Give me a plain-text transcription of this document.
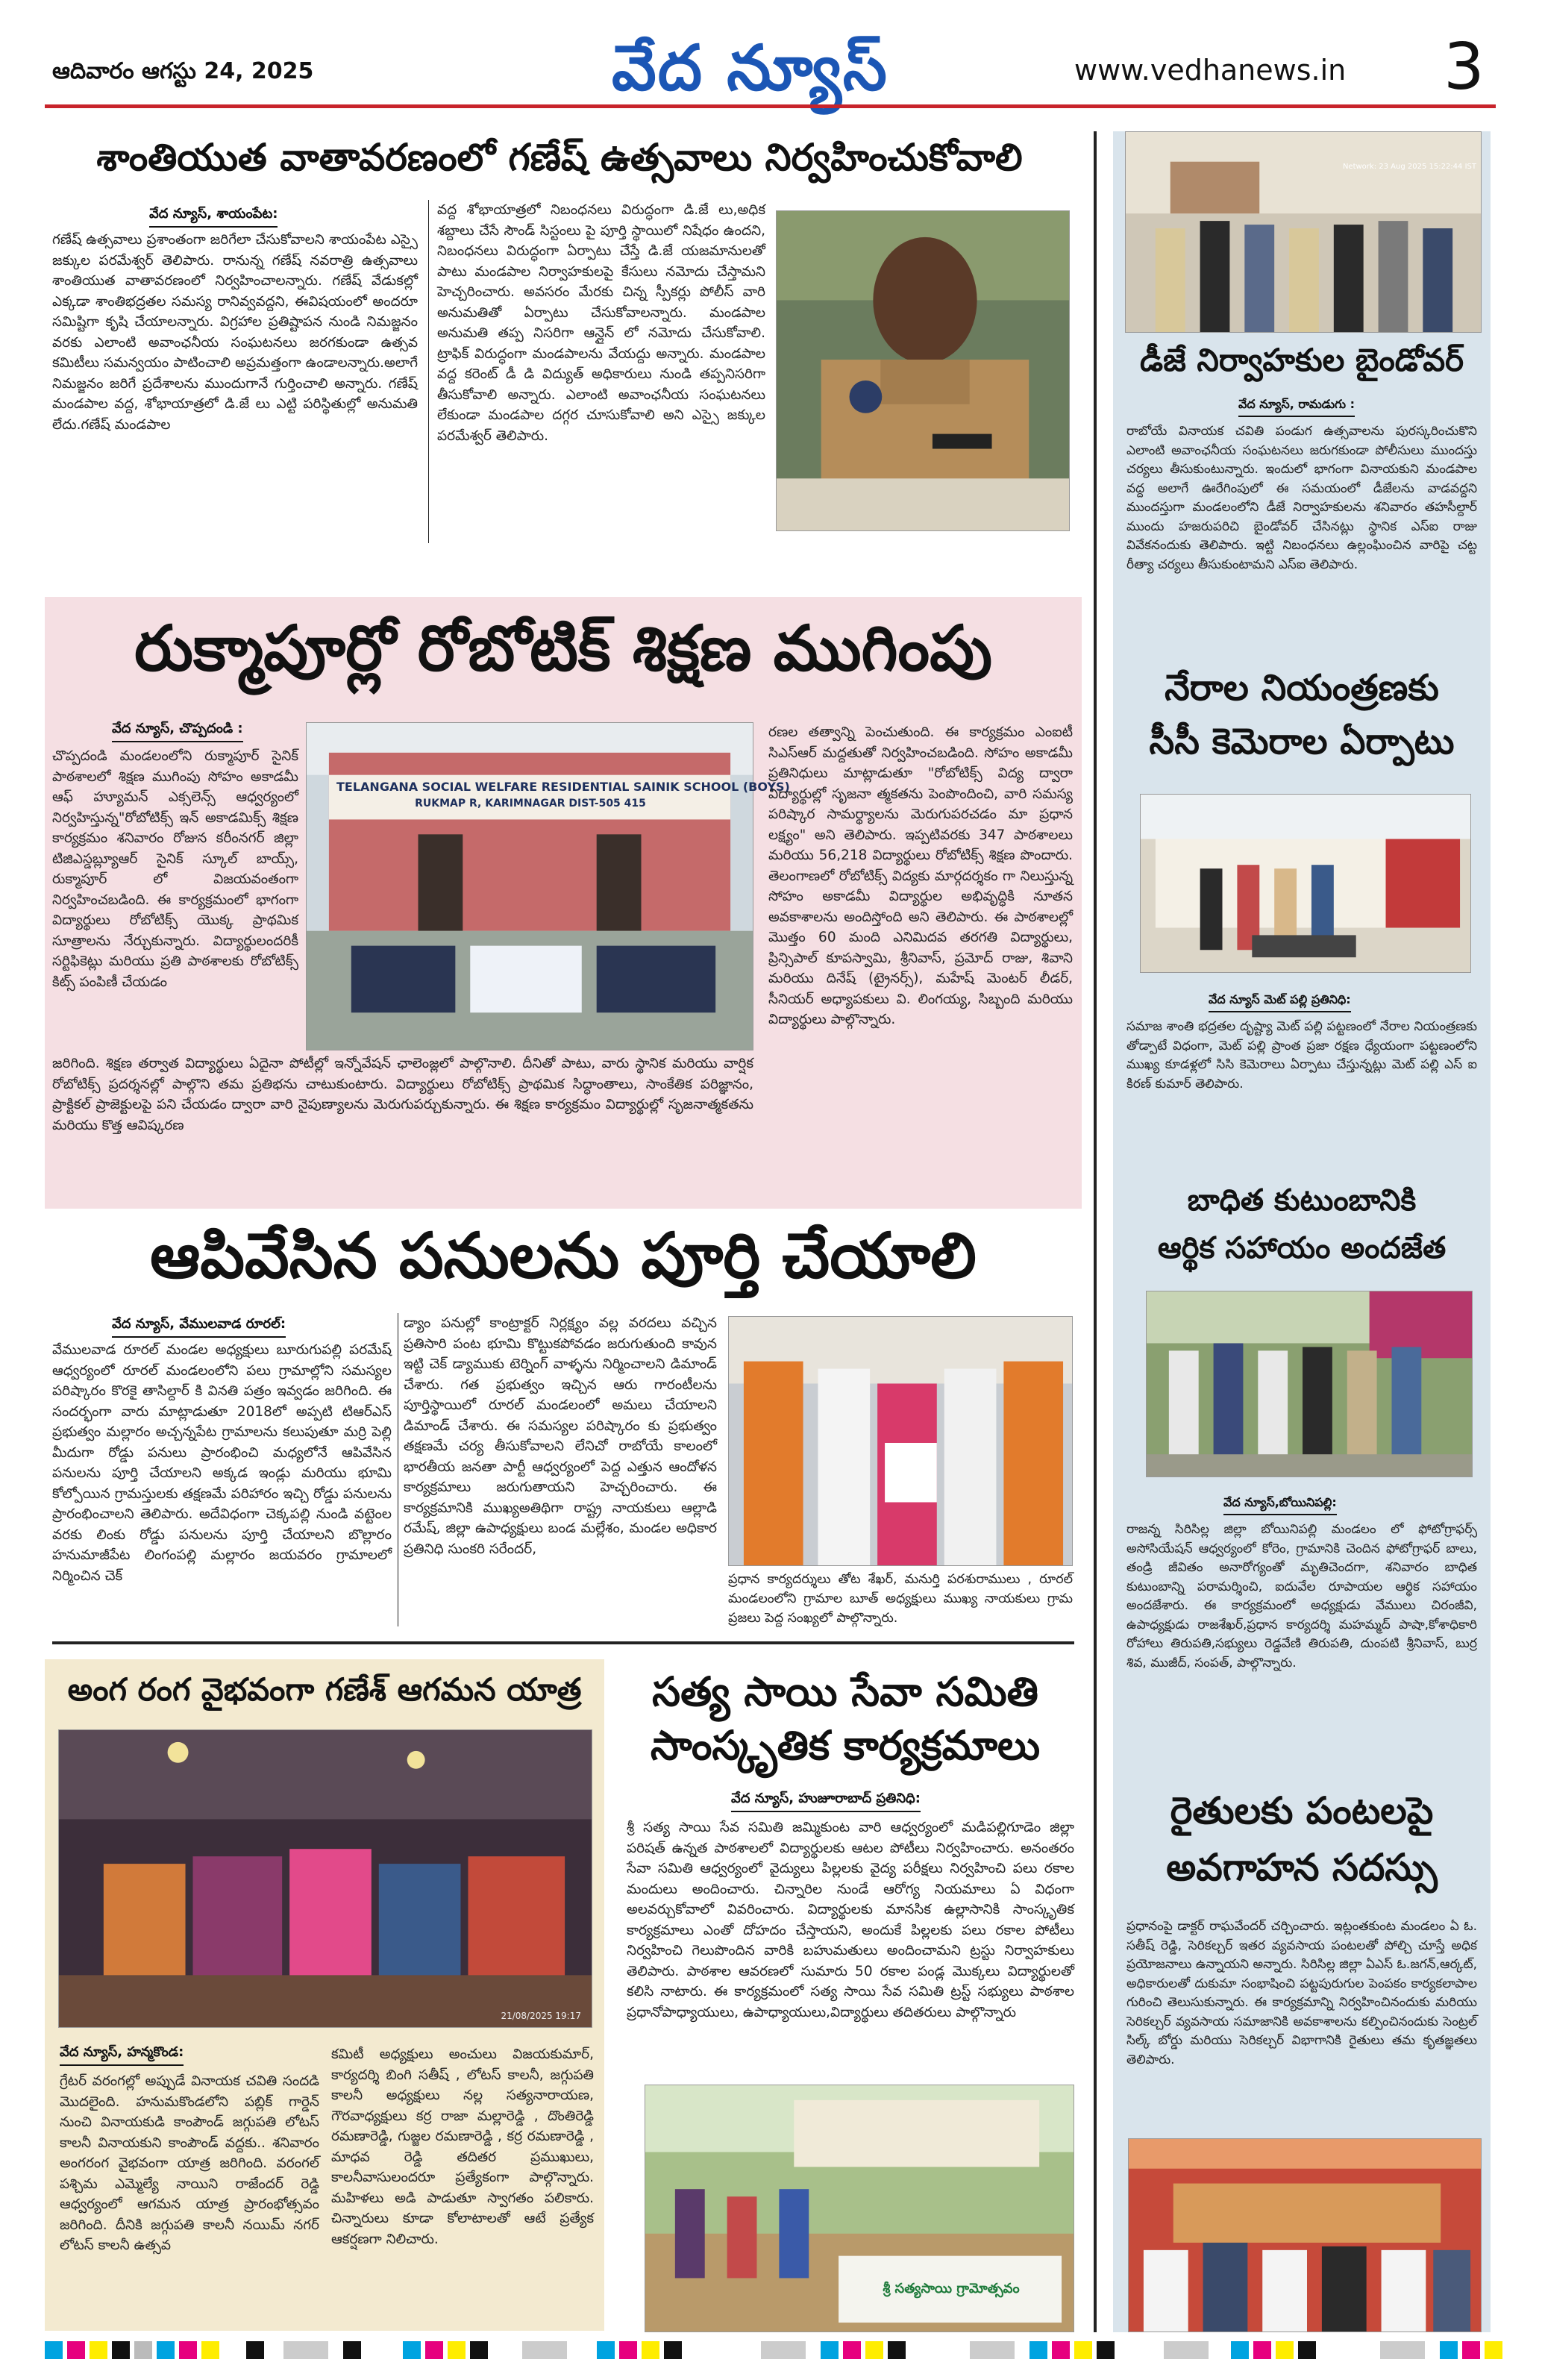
ఆదివారం ఆగస్టు 24, 2025	వేద న్యూస్	www.vedhanews.in 3
శాంతియుత వాతావరణంలో గణేష్ ఉత్సవాలు నిర్వహించుకోవాలి
వేద న్యూస్, శాయంపేట:
గణేష్ ఉత్సవాలు ప్రశాంతంగా జరిగేలా చేసుకోవాలని శాయంపేట ఎస్సై జక్కుల పరమేశ్వర్ తెలిపారు. రానున్న గణేష్ నవరాత్రి ఉత్సవాలు శాంతియుత వాతావరణంలో నిర్వహించాలన్నారు. గణేష్ వేడుకల్లో ఎక్కడా శాంతిభద్రతల సమస్య రానివ్వవద్దని, ఈవిషయంలో అందరూ సమిష్టిగా కృషి చేయాలన్నారు. విగ్రహాల ప్రతిష్టాపన నుండి నిమజ్జనం వరకు ఎలాంటి అవాంఛనీయ సంఘటనలు జరగకుండా ఉత్సవ కమిటీలు సమన్వయం పాటించాలి అప్రమత్తంగా ఉండాలన్నారు.అలాగే నిమజ్జనం జరిగే ప్రదేశాలను ముందుగానే గుర్తించాలి అన్నారు. గణేష్ మండపాల వద్ద, శోభాయాత్రలో డి.జే లు ఎట్టి పరిస్థితుల్లో అనుమతి లేదు.గణేష్ మండపాల
వద్ద శోభాయాత్రలో నిబంధనలు విరుద్ధంగా డి.జే లు,అధిక శబ్దాలు చేసే సౌండ్ సిస్టంలు పై పూర్తి స్థాయిలో నిషేధం ఉందని, నిబంధనలు విరుద్ధంగా ఏర్పాటు చేస్తే డి.జే యజమానులతో పాటు మండపాల నిర్వాహకులపై కేసులు నమోదు చేస్తామని హెచ్చరించారు. అవసరం మేరకు చిన్న స్పీకర్లు పోలీస్ వారి అనుమతితో ఏర్పాటు చేసుకోవాలన్నారు. మండపాల అనుమతి తప్ప నిసరిగా ఆన్లైన్ లో నమోదు చేసుకోవాలి. ట్రాఫిక్ విరుద్ధంగా మండపాలను వేయద్దు అన్నారు. మండపాల వద్ద కరెంట్ డీ డి విద్యుత్ అధికారులు నుండి తప్పనిసరిగా తీసుకోవాలి అన్నారు. ఎలాంటి అవాంఛనీయ సంఘటనలు లేకుండా మండపాల దగ్గర చూసుకోవాలి అని ఎస్సై జక్కుల పరమేశ్వర్ తెలిపారు.
రుక్మాపూర్లో రోబోటిక్ శిక్షణ ముగింపు
వేద న్యూస్, చొప్పదండి :
చొప్పదండి మండలంలోని రుక్మాపూర్ సైనిక్ పాఠశాలలో శిక్షణ ముగింపు సోహం అకాడమీ ఆఫ్ హ్యూమన్ ఎక్సలెన్స్ ఆధ్వర్యంలో నిర్వహిస్తున్న"రోబోటిక్స్ ఇన్ అకాడమిక్స్ శిక్షణ కార్యక్రమం శనివారం రోజున కరీంనగర్ జిల్లా టిజిఎస్డబ్ల్యూఆర్ సైనిక్ స్కూల్ బాయ్స్, రుక్మాపూర్ లో విజయవంతంగా నిర్వహించబడింది. ఈ కార్యక్రమంలో భాగంగా విద్యార్థులు రోబోటిక్స్ యొక్క ప్రాథమిక సూత్రాలను నేర్చుకున్నారు. విద్యార్థులందరికీ సర్టిఫికెట్లు మరియు ప్రతి పాఠశాలకు రోబోటిక్స్ కిట్స్ పంపిణీ చేయడం
TELANGANA SOCIAL WELFARE RESIDENTIAL SAINIK SCHOOL (BOYS)
RUKMAP R, KARIMNAGAR DIST-505 415
జరిగింది. శిక్షణ తర్వాత విద్యార్థులు ఏదైనా పోటీల్లో ఇన్నోవేషన్ ఛాలెంజ్లలో పాల్గొనాలి. దీనితో పాటు, వారు స్థానిక మరియు వార్షిక రోబోటిక్స్ ప్రదర్శనల్లో పాల్గొని తమ ప్రతిభను చాటుకుంటారు. విద్యార్థులు రోబోటిక్స్ ప్రాథమిక సిద్ధాంతాలు, సాంకేతిక పరిజ్ఞానం, ప్రాక్టికల్ ప్రాజెక్టులపై పని చేయడం ద్వారా వారి నైపుణ్యాలను మెరుగుపర్చుకున్నారు. ఈ శిక్షణ కార్యక్రమం విద్యార్థుల్లో సృజనాత్మకతను మరియు కొత్త ఆవిష్కరణ
రణల తత్వాన్ని పెంచుతుంది. ఈ కార్యక్రమం ఎంఐటీ సిఎస్ఆర్ మద్దతుతో నిర్వహించబడింది. సోహం అకాడమీ ప్రతినిధులు మాట్లాడుతూ "రోబోటిక్స్ విద్య ద్వారా విద్యార్థుల్లో సృజనా త్మకతను పెంపొందించి, వారి సమస్య పరిష్కార సామర్థ్యాలను మెరుగుపరచడం మా ప్రధాన లక్ష్యం" అని తెలిపారు. ఇప్పటివరకు 347 పాఠశాలలు మరియు 56,218 విద్యార్థులు రోబోటిక్స్ శిక్షణ పొందారు. తెలంగాణలో రోబోటిక్స్ విద్యకు మార్గదర్శకం గా నిలుస్తున్న సోహం అకాడమీ విద్యార్థుల అభివృద్ధికి నూతన అవకాశాలను అందిస్తోంది అని తెలిపారు. ఈ పాఠశాలల్లో మొత్తం 60 మంది ఎనిమిదవ తరగతి విద్యార్థులు, ప్రిన్సిపాల్ కూపస్వామి, శ్రీనివాస్, ప్రమోద్ రాజు, శివాని మరియు దినేష్ (ట్రైనర్స్), మహేష్ మెంటర్ లీడర్, సీనియర్ అధ్యాపకులు వి. లింగయ్య, సిబ్బంది మరియు విద్యార్థులు పాల్గొన్నారు.
ఆపివేసిన పనులను పూర్తి చేయాలి
వేద న్యూస్, వేములవాడ రూరల్:
వేములవాడ రూరల్ మండల అధ్యక్షులు బూరుగుపల్లి పరమేష్ ఆధ్వర్యంలో రూరల్ మండలంలోని పలు గ్రామాల్లోని సమస్యల పరిష్కారం కొరకై తాసిల్దార్ కి వినతి పత్రం ఇవ్వడం జరిగింది. ఈ సందర్భంగా వారు మాట్లాడుతూ 2018లో అప్పటి టిఆర్ఎస్ ప్రభుత్వం మల్లారం అచ్చన్నపేట గ్రామాలను కలుపుతూ మర్రి పెల్లి మీదుగా రోడ్డు పనులు ప్రారంభించి మధ్యలోనే ఆపివేసిన పనులను పూర్తి చేయాలని అక్కడ ఇండ్లు మరియు భూమి కోల్పోయిన గ్రామస్తులకు తక్షణమే పరిహారం ఇచ్చి రోడ్డు పనులను ప్రారంభించాలని తెలిపారు. అదేవిధంగా చెక్కపల్లి నుండి వట్టెంల వరకు లింకు రోడ్డు పనులను పూర్తి చేయాలని బొల్లారం హనుమాజీపేట లింగంపల్లి మల్లారం జయవరం గ్రామాలలో నిర్మించిన చెక్
డ్యాం పనుల్లో కాంట్రాక్టర్ నిర్లక్ష్యం వల్ల వరదలు వచ్చిన ప్రతిసారి పంట భూమి కొట్టుకపోవడం జరుగుతుంది కావున ఇట్టి చెక్ డ్యాముకు టెర్నింగ్ వాళ్ళను నిర్మించాలని డిమాండ్ చేశారు. గత ప్రభుత్వం ఇచ్చిన ఆరు గారంటీలను పూర్తిస్థాయిలో రూరల్ మండలంలో అమలు చేయాలని డిమాండ్ చేశారు. ఈ సమస్యల పరిష్కారం కు ప్రభుత్వం తక్షణమే చర్య తీసుకోవాలని లేనిచో రాబోయే కాలంలో భారతీయ జనతా పార్టీ ఆధ్వర్యంలో పెద్ద ఎత్తున ఆందోళన కార్యక్రమాలు జరుగుతాయని హెచ్చరించారు. ఈ కార్యక్రమానికి ముఖ్యఅతిథిగా రాష్ట్ర నాయకులు ఆల్లాడి రమేష్, జిల్లా ఉపాధ్యక్షులు బండ మల్లేశం, మండల అధికార ప్రతినిధి సుంకరి సరేందర్,
ప్రధాన కార్యదర్శులు తోట శేఖర్, మనుర్తి పరశురాములు , రూరల్ మండలంలోని గ్రామాల బూత్ అధ్యక్షులు ముఖ్య నాయకులు గ్రామ ప్రజలు పెద్ద సంఖ్యలో పాల్గొన్నారు.
అంగ రంగ వైభవంగా గణేశ్ ఆగమన యాత్ర
21/08/2025 19:17
వేద న్యూస్, హన్మకొండ:
గ్రేటర్ వరంగల్లో అప్పుడే వినాయక చవితి సందడి మొదలైంది. హనుమకొండలోని పబ్లిక్ గార్డెన్ నుంచి వినాయకుడి కాంపౌండ్ జగ్గుపతి లోటస్ కాలనీ వినాయకుని కాంపౌండ్ వద్దకు.. శనివారం అంగరంగ వైభవంగా యాత్ర జరిగింది. వరంగల్ పశ్చిమ ఎమ్మెల్యే నాయిని రాజేందర్ రెడ్డి ఆధ్వర్యంలో ఆగమన యాత్ర ప్రారంభోత్సవం జరిగింది. దీనికి జగ్గుపతి కాలనీ నయిమ్ నగర్ లోటస్ కాలనీ ఉత్సవ
కమిటీ అధ్యక్షులు అంచులు విజయకుమార్, కార్యదర్శి బింగి సతీష్ , లోటస్ కాలనీ, జగ్గుపతి కాలనీ అధ్యక్షులు నల్ల సత్యనారాయణ, గౌరవాధ్యక్షులు కర్ర రాజా మల్లారెడ్డి , దొంతిరెడ్డి రమణారెడ్డి, గుజ్జల రమణారెడ్డి , కర్ర రమణారెడ్డి , మాధవ రెడ్డి తదితర ప్రముఖులు, కాలనీవాసులందరూ ప్రత్యేకంగా పాల్గొన్నారు. మహిళలు అడి పాడుతూ స్వాగతం పలికారు. చిన్నారులు కూడా కోలాటాలతో ఆటే ప్రత్యేక ఆకర్షణగా నిలిచారు.
సత్య సాయి సేవా సమితి
సాంస్కృతిక కార్యక్రమాలు
వేద న్యూస్, హుజూరాబాద్ ప్రతినిధి:
శ్రీ సత్య సాయి సేవ సమితి జమ్మికుంట వారి ఆధ్వర్యంలో మడిపల్లిగూడెం జిల్లా పరిషత్ ఉన్నత పాఠశాలలో విద్యార్థులకు ఆటల పోటీలు నిర్వహించారు. అనంతరం సేవా సమితి ఆధ్వర్యంలో వైద్యులు పిల్లలకు వైద్య పరీక్షలు నిర్వహించి పలు రకాల మందులు అందించారు. చిన్నారిల నుండే ఆరోగ్య నియమాలు ఏ విధంగా అలవర్చుకోవాలో వివరించారు. విద్యార్థులకు మానసిక ఉల్లాసానికి సాంస్కృతిక కార్యక్రమాలు ఎంతో దోహదం చేస్తాయని, అందుకే పిల్లలకు పలు రకాల పోటీలు నిర్వహించి గెలుపొందిన వారికి బహుమతులు అందించామని ట్రస్టు నిర్వాహకులు తెలిపారు. పాఠశాల ఆవరణలో సుమారు 50 రకాల పండ్ల మొక్కలు విద్యార్థులతో కలిసి నాటారు. ఈ కార్యక్రమంలో సత్య సాయి సేవ సమితి ట్రస్ట్ సభ్యులు పాఠశాల ప్రధానోపాధ్యాయులు, ఉపాధ్యాయులు,విద్యార్థులు తదితరులు పాల్గొన్నారు
శ్రీ సత్యసాయి గ్రామోత్సవం
Network: 23 Aug 2025 15:22:44 IST
డీజే నిర్వాహకుల బైండోవర్
వేద న్యూస్, రామడుగు :
రాబోయే వినాయక చవితి పండుగ ఉత్సవాలను పురస్కరించుకొని ఎలాంటి అవాంఛనీయ సంఘటనలు జరుగకుండా పోలీసులు ముందస్తు చర్యలు తీసుకుంటున్నారు. ఇందులో భాగంగా వినాయకుని మండపాల వద్ద అలాగే ఊరేగింపులో ఈ సమయంలో డీజేలను వాడవద్దని ముందస్తుగా మండలంలోని డీజే నిర్వాహకులను శనివారం తహసీల్దార్ ముందు హజరుపరిచి బైండోవర్ చేసినట్లు స్థానిక ఎస్ఐ రాజు వివేకనందుకు తెలిపారు. ఇట్టి నిబంధనలు ఉల్లంఘించిన వారిపై చట్ట రీత్యా చర్యలు తీసుకుంటామని ఎస్ఐ తెలిపారు.
నేరాల నియంత్రణకు
సీసీ కెమెరాల ఏర్పాటు
వేద న్యూస్ మెట్ పల్లి ప్రతినిధి:
సమాజ శాంతి భద్రతల దృష్ట్యా మెట్ పల్లి పట్టణంలో నేరాల నియంత్రణకు తోడ్పాటే విధంగా, మెట్ పల్లి ప్రాంత ప్రజా రక్షణ ధ్యేయంగా పట్టణంలోని ముఖ్య కూడళ్లలో సిసి కెమెరాలు ఏర్పాటు చేస్తున్నట్లు మెట్ పల్లి ఎస్ ఐ కిరణ్ కుమార్ తెలిపారు.
బాధిత కుటుంబానికి
ఆర్థిక సహాయం అందజేత
వేద న్యూస్,బోయినిపల్లి:
రాజన్న సిరిసిల్ల జిల్లా బోయినిపల్లి మండలం లో ఫోటోగ్రాఫర్స్ అసోసియేషన్ ఆధ్వర్యంలో కోరెం, గ్రామానికి చెందిన ఫోటోగ్రాఫర్ బాలు, తండ్రి జీవితం అనారోగ్యంతో మృతిచెందగా, శనివారం బాధిత కుటుంబాన్ని పరామర్శించి, ఐదువేల రూపాయల ఆర్థిక సహాయం అందజేశారు. ఈ కార్యక్రమంలో అధ్యక్షుడు వేములు చిరంజీవి, ఉపాధ్యక్షుడు రాజశేఖర్,ప్రధాన కార్యదర్శి మహమ్మద్ పాషా,కోశాధికారి రోహాలు తిరుపతి,సభ్యులు రెడ్డవేణి తిరుపతి, దుంపటి శ్రీనివాస్, బుర్ర శివ, ముజీద్, సంపత్, పాల్గొన్నారు.
రైతులకు పంటలపై
అవగాహన సదస్సు
ప్రధానంపై డాక్టర్ రాఘవేందర్ చర్చించారు. ఇట్లంతకుంట మండలం ఏ ఓ. సతీష్ రెడ్డి, సెరికల్చర్ ఇతర వ్యవసాయ పంటలతో పోల్చి చూస్తే అధిక ప్రయోజనాలు ఉన్నాయని అన్నారు. సిరిసిల్ల జిల్లా ఏఎస్ ఓ.జగన్,ఆర్కట్, అధికారులతో దుకుమా సంభాషించి పట్టపురుగుల పెంపకం కార్యకలాపాల గురించి తెలుసుకున్నారు. ఈ కార్యక్రమాన్ని నిర్వహించినందుకు మరియు సెరికల్చర్ వ్యవసాయ సమాజానికి అవకాశాలను కల్పించినందుకు సెంట్రల్ సిల్క్ బోర్డు మరియు సెరికల్చర్ విభాగానికి రైతులు తమ కృతజ్ఞతలు తెలిపారు.
